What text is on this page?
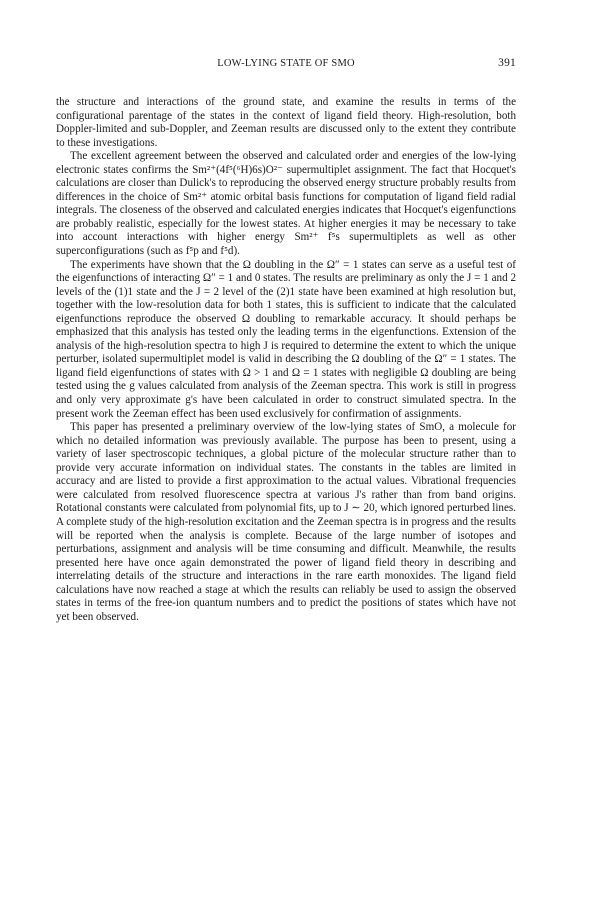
LOW-LYING STATE OF SMO	391

the structure and interactions of the ground state, and examine the results in terms of the configurational parentage of the states in the context of ligand field theory. High-resolution, both Doppler-limited and sub-Doppler, and Zeeman results are discussed only to the extent they contribute to these investigations.

The excellent agreement between the observed and calculated order and energies of the low-lying electronic states confirms the Sm²⁺(4f⁵(⁶H)6s)O²⁻ supermultiplet assignment. The fact that Hocquet's calculations are closer than Dulick's to reproducing the observed energy structure probably results from differences in the choice of Sm²⁺ atomic orbital basis functions for computation of ligand field radial integrals. The closeness of the observed and calculated energies indicates that Hocquet's eigenfunctions are probably realistic, especially for the lowest states. At higher energies it may be necessary to take into account interactions with higher energy Sm²⁺ f⁵s supermultiplets as well as other superconfigurations (such as f⁵p and f⁵d).

The experiments have shown that the Ω doubling in the Ω″ = 1 states can serve as a useful test of the eigenfunctions of interacting Ω″ = 1 and 0 states. The results are preliminary as only the J = 1 and 2 levels of the (1)1 state and the J = 2 level of the (2)1 state have been examined at high resolution but, together with the low-resolution data for both 1 states, this is sufficient to indicate that the calculated eigenfunctions reproduce the observed Ω doubling to remarkable accuracy. It should perhaps be emphasized that this analysis has tested only the leading terms in the eigenfunctions. Extension of the analysis of the high-resolution spectra to high J is required to determine the extent to which the unique perturber, isolated supermultiplet model is valid in describing the Ω doubling of the Ω″ = 1 states. The ligand field eigenfunctions of states with Ω > 1 and Ω = 1 states with negligible Ω doubling are being tested using the g values calculated from analysis of the Zeeman spectra. This work is still in progress and only very approximate g's have been calculated in order to construct simulated spectra. In the present work the Zeeman effect has been used exclusively for confirmation of assignments.

This paper has presented a preliminary overview of the low-lying states of SmO, a molecule for which no detailed information was previously available. The purpose has been to present, using a variety of laser spectroscopic techniques, a global picture of the molecular structure rather than to provide very accurate information on individual states. The constants in the tables are limited in accuracy and are listed to provide a first approximation to the actual values. Vibrational frequencies were calculated from resolved fluorescence spectra at various J's rather than from band origins. Rotational constants were calculated from polynomial fits, up to J ∼ 20, which ignored perturbed lines. A complete study of the high-resolution excitation and the Zeeman spectra is in progress and the results will be reported when the analysis is complete. Because of the large number of isotopes and perturbations, assignment and analysis will be time consuming and difficult. Meanwhile, the results presented here have once again demonstrated the power of ligand field theory in describing and interrelating details of the structure and interactions in the rare earth monoxides. The ligand field calculations have now reached a stage at which the results can reliably be used to assign the observed states in terms of the free-ion quantum numbers and to predict the positions of states which have not yet been observed.
